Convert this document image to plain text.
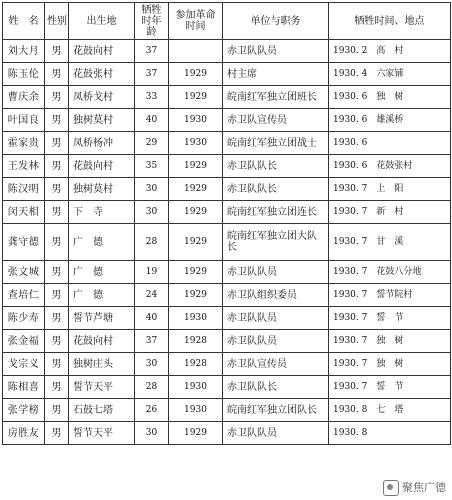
姓　名	性别	出生地	牺牲时年龄	参加革命时间	单位与职务	牺牲时间、地点
刘大月	男	花鼓向村	37		赤卫队队员	1930. 2　高　村
陈玉伦	男	花鼓张村	37	1929	村主席	1930. 4　六家铺
曹庆余	男	凤桥戈村	33	1929	皖南红军独立团班长	1930. 6　独　树
叶国良	男	独树莫村	40	1930	赤卫队宣传员	1930. 6　雄溪桥
霍家贵	男	凤桥杨冲	29	1930	皖南红军独立团战士	1930. 6
王发林	男	花鼓向村	35	1929	赤卫队队长	1930. 6　花鼓张村
陈汉明	男	独树莫村	30	1929	赤卫队队长	1930. 7　上　阳
闵天相	男	下　寺	30	1929	皖南红军独立团连长	1930. 7　新　村
龚守德	男	广　德	28	1929	皖南红军独立团大队长	1930. 7　甘　溪
张文城	男	广　德	19	1929	赤卫队队员	1930. 7　花鼓八分地
查培仁	男	广　德	24	1929	赤卫队组织委员	1930. 7　誓节院村
陈少寿	男	誓节芦塘	40	1930	赤卫队队员	1930. 7　誓　节
张金福	男	花鼓向村	37	1928	赤卫队队员	1930. 7　独　树
戈宗义	男	独树庄头	30	1928	赤卫队宣传员	1930. 7　独　树
陈相喜	男	誓节天平	28	1930	赤卫队队长	1930. 7　誓　节
张学榜	男	石鼓七塔	26	1930	皖南红军独立团队长	1930. 8　七　塔
房胜友	男	誓节天平	30	1929	赤卫队队员	1930. 8
聚焦广德
